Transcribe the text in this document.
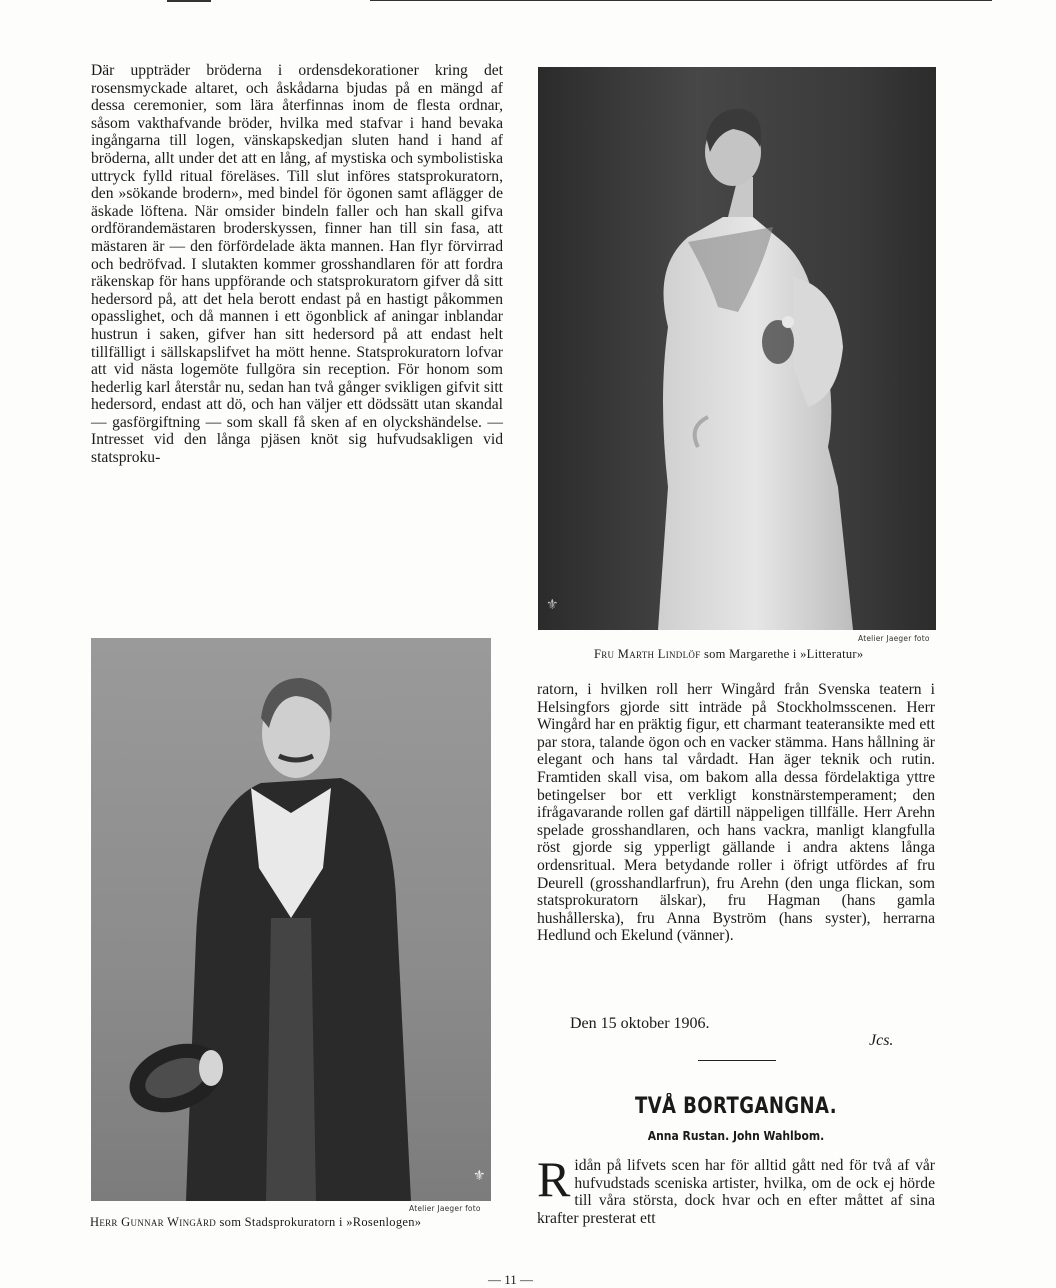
Där uppträder bröderna i ordensdekorationer kring det rosensmyckade altaret, och åskådarna bjudas på en mängd af dessa ceremonier, som lära återfinnas inom de flesta ordnar, såsom vakthafvande bröder, hvilka med stafvar i hand bevaka ingångarna till logen, vänskapskedjan sluten hand i hand af bröderna, allt under det att en lång, af mystiska och symbolistiska uttryck fylld ritual föreläses. Till slut införes statsprokuratorn, den »sökande brodern», med bindel för ögonen samt aflägger de äskade löftena. När omsider bindeln faller och han skall gifva ordförandemästaren broderskyssen, finner han till sin fasa, att mästaren är — den förfördelade äkta mannen. Han flyr förvirrad och bedröfvad. I slutakten kommer grosshandlaren för att fordra räkenskap för hans uppförande och statsprokuratorn gifver då sitt hedersord på, att det hela berott endast på en hastigt påkommen opasslighet, och då mannen i ett ögonblick af aningar inblandar hustrun i saken, gifver han sitt hedersord på att endast helt tillfälligt i sällskapslifvet ha mött henne. Statsprokuratorn lofvar att vid nästa logemöte fullgöra sin reception. För honom som hederlig karl återstår nu, sedan han två gånger svikligen gifvit sitt hedersord, endast att dö, och han väljer ett dödssätt utan skandal — gasförgiftning — som skall få sken af en olyckshändelse. — Intresset vid den långa pjäsen knöt sig hufvudsakligen vid statsproku-
⚜
Atelier Jaeger foto
Fru Marth Lindlöf som Margarethe i »Litteratur»
⚜
Atelier Jaeger foto
Herr Gunnar Wingård som Stadsprokuratorn i »Rosenlogen»
ratorn, i hvilken roll herr Wingård från Svenska teatern i Helsingfors gjorde sitt inträde på Stockholmsscenen. Herr Wingård har en präktig figur, ett charmant teateransikte med ett par stora, talande ögon och en vacker stämma. Hans hållning är elegant och hans tal vårdadt. Han äger teknik och rutin. Framtiden skall visa, om bakom alla dessa fördelaktiga yttre betingelser bor ett verkligt konstnärstemperament; den ifrågavarande rollen gaf därtill näppeligen tillfälle. Herr Arehn spelade grosshandlaren, och hans vackra, manligt klangfulla röst gjorde sig ypperligt gällande i andra aktens långa ordensritual. Mera betydande roller i öfrigt utfördes af fru Deurell (grosshandlarfrun), fru Arehn (den unga flickan, som statsprokuratorn älskar), fru Hagman (hans gamla hushållerska), fru Anna Byström (hans syster), herrarna Hedlund och Ekelund (vänner).
Den 15 oktober 1906.
Jcs.
TVÅ BORTGANGNA.
Anna Rustan. John Wahlbom.
Ridån på lifvets scen har för alltid gått ned för två af vår hufvudstads sceniska artister, hvilka, om de ock ej hörde till våra största, dock hvar och en efter måttet af sina krafter presterat ett
— 11 —
